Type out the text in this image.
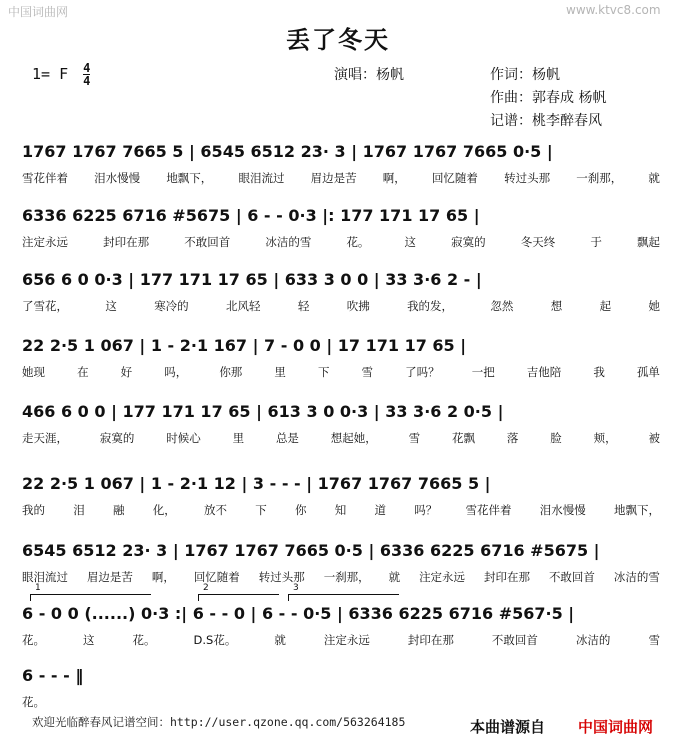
中国词曲网	www.ktvc8.com
丢了冬天
1= F $\frac{4}{4}$	演唱：杨帆	作词：杨帆
作曲：郭春成 杨帆
记谱：桃李醉春风
1767 1767 7665 5 | 6545 6512 23· 3 | 1767 1767 7665 0·5 |
雪花伴着 泪水慢慢 地飘下， 眼泪流过 眉边是苦 啊， 回忆随着 转过头那 一刹那， 就
6336 6225 6716 #5675 | 6 - - 0·3 |: 177 171 17 65 |
注定永远	封印在那	不敢回首	冰洁的雪	花。	这	寂寞的	冬天终	于	飘起
656 6 0 0·3 | 177 171 17 65 | 633 3 0 0 | 33 3·6 2 - |
了雪花，	这	寒冷的	北风轻	轻	吹拂	我的发，	忽然	想	起	她
22 2·5 1 067 | 1 - 2·1 167 | 7 - 0 0 | 17 171 17 65 |
她现	在	好	吗，	你那	里	下	雪	了吗？	一把	吉他陪	我	孤单
466 6 0 0 | 177 171 17 65 | 613 3 0 0·3 | 33 3·6 2 0·5 |
走天涯，	寂寞的	时候心	里	总是	想起她，	雪	花飘	落	脸	颊，	被
22 2·5 1 067 | 1 - 2·1 12 | 3 - - - | 1767 1767 7665 5 |
我的 泪 融 化， 放不 下 你 知 道 吗？ 雪花伴着 泪水慢慢 地飘下，
6545 6512 23· 3 | 1767 1767 7665 0·5 | 6336 6225 6716 #5675 |
眼泪流过 眉边是苦 啊， 回忆随着 转过头那 一刹那， 就 注定永远 封印在那 不敢回首 冰洁的雪
1	2	3
6 - 0 0 (......) 0·3 :| 6 - - 0 | 6 - - 0·5 | 6336 6225 6716 #567·5 |
花。	这	花。	D.S花。	就	注定永远	封印在那	不敢回首	冰洁的	雪
6 - - - ‖
花。
欢迎光临醉春风记谱空间：http://user.qzone.qq.com/563264185	本曲谱源自 中国词曲网
